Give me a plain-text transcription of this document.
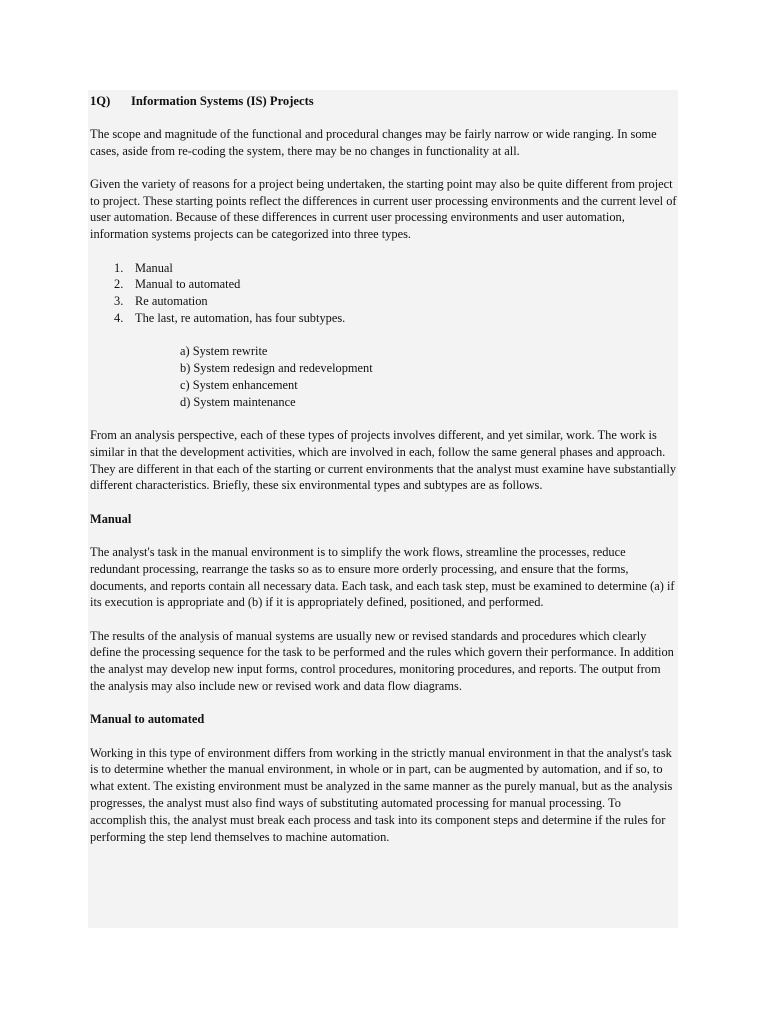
1Q) Information Systems (IS) Projects

The scope and magnitude of the functional and procedural changes may be fairly narrow or wide ranging. In some cases, aside from re-coding the system, there may be no changes in functionality at all.

Given the variety of reasons for a project being undertaken, the starting point may also be quite different from project to project. These starting points reflect the differences in current user processing environments and the current level of user automation. Because of these differences in current user processing environments and user automation, information systems projects can be categorized into three types.

1. Manual
2. Manual to automated
3. Re automation
4. The last, re automation, has four subtypes.
a) System rewrite
b) System redesign and redevelopment
c) System enhancement
d) System maintenance

From an analysis perspective, each of these types of projects involves different, and yet similar, work. The work is similar in that the development activities, which are involved in each, follow the same general phases and approach. They are different in that each of the starting or current environments that the analyst must examine have substantially different characteristics. Briefly, these six environmental types and subtypes are as follows.

Manual

The analyst's task in the manual environment is to simplify the work flows, streamline the processes, reduce redundant processing, rearrange the tasks so as to ensure more orderly processing, and ensure that the forms, documents, and reports contain all necessary data. Each task, and each task step, must be examined to determine (a) if its execution is appropriate and (b) if it is appropriately defined, positioned, and performed.

The results of the analysis of manual systems are usually new or revised standards and procedures which clearly define the processing sequence for the task to be performed and the rules which govern their performance. In addition the analyst may develop new input forms, control procedures, monitoring procedures, and reports. The output from the analysis may also include new or revised work and data flow diagrams.

Manual to automated

Working in this type of environment differs from working in the strictly manual environment in that the analyst's task is to determine whether the manual environment, in whole or in part, can be augmented by automation, and if so, to what extent. The existing environment must be analyzed in the same manner as the purely manual, but as the analysis progresses, the analyst must also find ways of substituting automated processing for manual processing. To accomplish this, the analyst must break each process and task into its component steps and determine if the rules for performing the step lend themselves to machine automation.
